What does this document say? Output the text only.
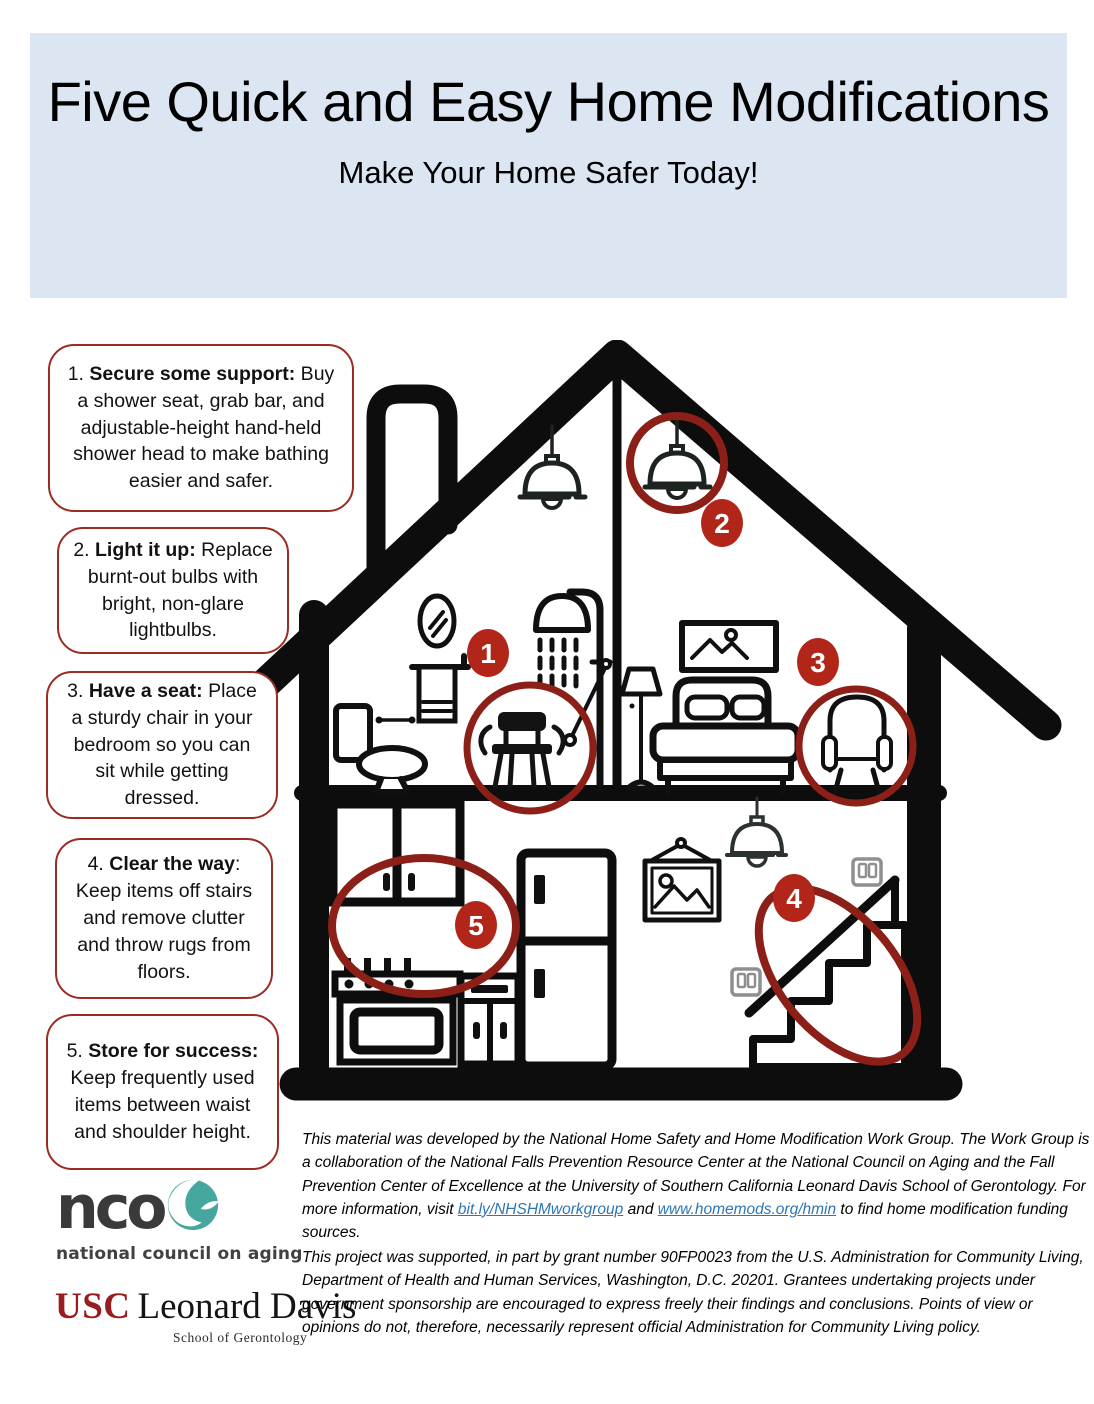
Five Quick and Easy Home Modifications
Make Your Home Safer Today!
1
2
3
4
5
1. Secure some support: Buy a shower seat, grab bar, and adjustable-height hand-held shower head to make bathing easier and safer.
2. Light it up: Replace burnt-out bulbs with bright, non-glare lightbulbs.
3. Have a seat: Place a sturdy chair in your bedroom so you can sit while getting dressed.
4. Clear the way: Keep items off stairs and remove clutter and throw rugs from floors.
5. Store for success: Keep frequently used items between waist and shoulder height.
nco
national council on aging
USC Leonard Davis
School of Gerontology

This material was developed by the National Home Safety and Home Modification Work Group. The Work Group is a collaboration of the National Falls Prevention Resource Center at the National Council on Aging and the Fall Prevention Center of Excellence at the University of Southern California Leonard Davis School of Gerontology. For more information, visit bit.ly/NHSHMworkgroup and www.homemods.org/hmin to find home modification funding sources.

This project was supported, in part by grant number 90FP0023 from the U.S. Administration for Community Living, Department of Health and Human Services, Washington, D.C. 20201. Grantees undertaking projects under government sponsorship are encouraged to express freely their findings and conclusions. Points of view or opinions do not, therefore, necessarily represent official Administration for Community Living policy.
